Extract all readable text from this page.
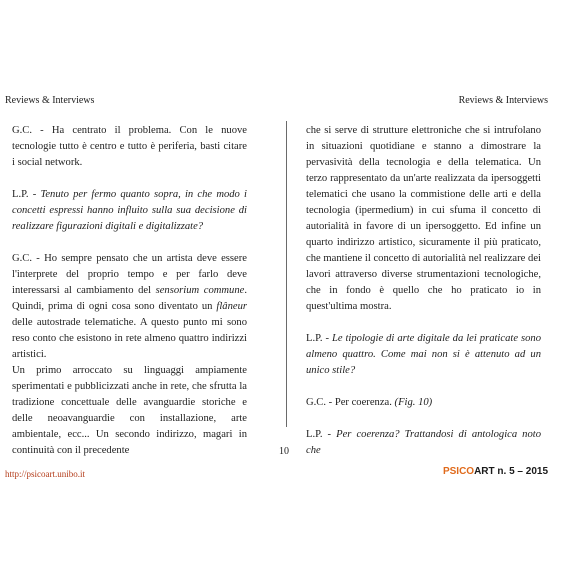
Reviews & Interviews	Reviews & Interviews

G.C. - Ha centrato il problema. Con le nuove tecnologie tutto è centro e tutto è periferia, basti citare i social network.

L.P. - Tenuto per fermo quanto sopra, in che modo i concetti espressi hanno influito sulla sua decisione di realizzare figurazioni digitali e digitalizzate?

G.C. - Ho sempre pensato che un artista deve essere l'interprete del proprio tempo e per farlo deve interessarsi al cambiamento del sensorium commune. Quindi, prima di ogni cosa sono diventato un flâneur delle autostrade telematiche. A questo punto mi sono reso conto che esistono in rete almeno quattro indirizzi artistici.

Un primo arroccato su linguaggi ampiamente sperimentati e pubblicizzati anche in rete, che sfrutta la tradizione concettuale delle avanguardie storiche e delle neoavanguardie con installazione, arte ambientale, ecc... Un secondo indirizzo, magari in continuità con il precedente

che si serve di strutture elettroniche che si intrufolano in situazioni quotidiane e stanno a dimostrare la pervasività della tecnologia e della telematica. Un terzo rappresentato da un'arte realizzata da ipersoggetti telematici che usano la commistione delle arti e della tecnologia (ipermedium) in cui sfuma il concetto di autorialità in favore di un ipersoggetto. Ed infine un quarto indirizzo artistico, sicuramente il più praticato, che mantiene il concetto di autorialità nel realizzare dei lavori attraverso diverse strumentazioni tecnologiche, che in fondo è quello che ho praticato io in quest'ultima mostra.

L.P. - Le tipologie di arte digitale da lei praticate sono almeno quattro. Come mai non si è attenuto ad un unico stile?

G.C. - Per coerenza. (Fig. 10)

L.P. - Per coerenza? Trattandosi di antologica noto che

10
http://psicoart.unibo.it	PSICOART n. 5 – 2015
